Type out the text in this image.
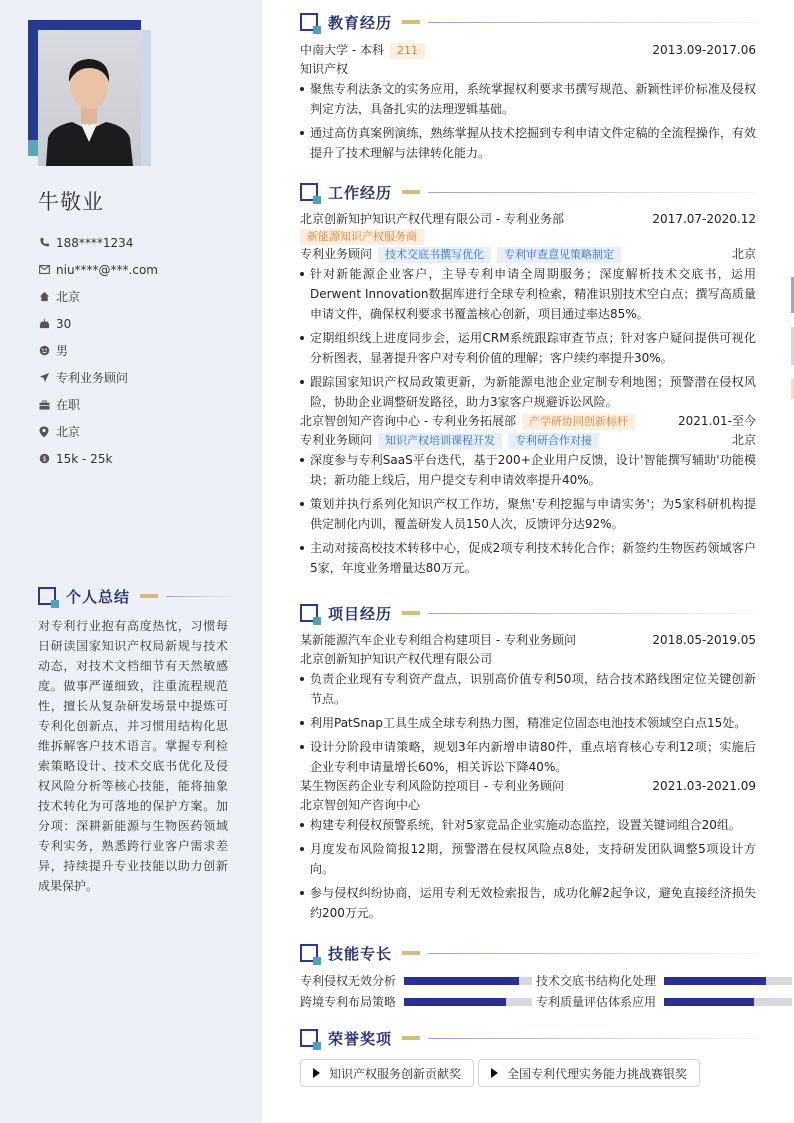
牛敬业
188****1234
niu****@***.com
北京
30
男
专利业务顾问
在职
北京
$ 15k - 25k
个人总结
对专利行业抱有高度热忱，习惯每日研读国家知识产权局新规与技术动态，对技术文档细节有天然敏感度。做事严谨细致，注重流程规范性，擅长从复杂研发场景中提炼可专利化创新点，并习惯用结构化思维拆解客户技术语言。掌握专利检索策略设计、技术交底书优化及侵权风险分析等核心技能，能将抽象技术转化为可落地的保护方案。加分项：深耕新能源与生物医药领域专利实务，熟悉跨行业客户需求差异，持续提升专业技能以助力创新成果保护。
教育经历
中南大学 - 本科	211	2013.09-2017.06
知识产权
聚焦专利法条文的实务应用，系统掌握权利要求书撰写规范、新颖性评价标准及侵权判定方法，具备扎实的法理逻辑基础。
通过高仿真案例演练，熟练掌握从技术挖掘到专利申请文件定稿的全流程操作，有效提升了技术理解与法律转化能力。
工作经历
北京创新知护知识产权代理有限公司 - 专利业务部	2017.07-2020.12
新能源知识产权服务商
专利业务顾问	技术交底书撰写优化	专利审查意见策略制定	北京
针对新能源企业客户，主导专利申请全周期服务；深度解析技术交底书，运用Derwent Innovation数据库进行全球专利检索，精准识别技术空白点；撰写高质量申请文件，确保权利要求书覆盖核心创新，项目通过率达85%。
定期组织线上进度同步会，运用CRM系统跟踪审查节点；针对客户疑问提供可视化分析图表，显著提升客户对专利价值的理解；客户续约率提升30%。
跟踪国家知识产权局政策更新，为新能源电池企业定制专利地图；预警潜在侵权风险，协助企业调整研发路径，助力3家客户规避诉讼风险。
北京智创知产咨询中心 - 专利业务拓展部	产学研协同创新标杆	2021.01-至今
专利业务顾问	知识产权培训课程开发	专利研合作对接	北京
深度参与专利SaaS平台迭代，基于200+企业用户反馈，设计'智能撰写辅助'功能模块；新功能上线后，用户提交专利申请效率提升40%。
策划并执行系列化知识产权工作坊，聚焦'专利挖掘与申请实务'；为5家科研机构提供定制化内训，覆盖研发人员150人次，反馈评分达92%。
主动对接高校技术转移中心，促成2项专利技术转化合作；新签约生物医药领域客户5家，年度业务增量达80万元。
项目经历
某新能源汽车企业专利组合构建项目 - 专利业务顾问	2018.05-2019.05
北京创新知护知识产权代理有限公司
负责企业现有专利资产盘点，识别高价值专利50项，结合技术路线图定位关键创新节点。
利用PatSnap工具生成全球专利热力图，精准定位固态电池技术领域空白点15处。
设计分阶段申请策略，规划3年内新增申请80件，重点培育核心专利12项；实施后企业专利申请量增长60%，相关诉讼下降40%。
某生物医药企业专利风险防控项目 - 专利业务顾问	2021.03-2021.09
北京智创知产咨询中心
构建专利侵权预警系统，针对5家竞品企业实施动态监控，设置关键词组合20组。
月度发布风险简报12期，预警潜在侵权风险点8处，支持研发团队调整5项设计方向。
参与侵权纠纷协商，运用专利无效检索报告，成功化解2起争议，避免直接经济损失约200万元。
技能专长
专利侵权无效分析	技术交底书结构化处理
跨境专利布局策略	专利质量评估体系应用
荣誉奖项
知识产权服务创新贡献奖	全国专利代理实务能力挑战赛银奖
